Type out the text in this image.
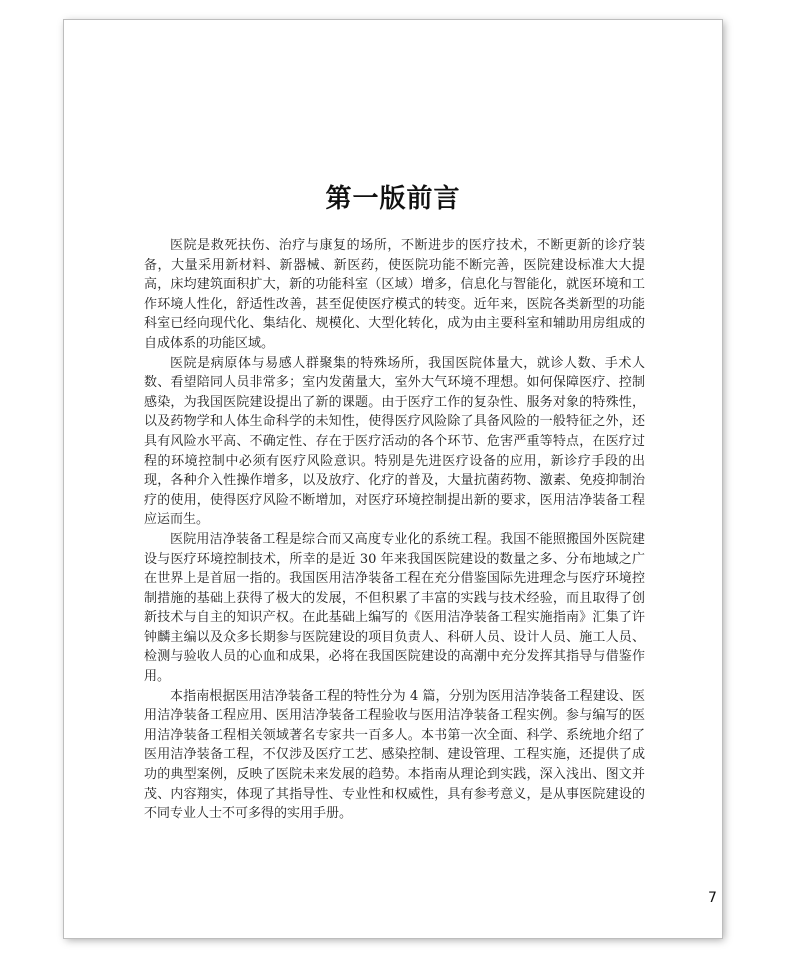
第一版前言

医院是救死扶伤、治疗与康复的场所，不断进步的医疗技术，不断更新的诊疗装备，大量采用新材料、新器械、新医药，使医院功能不断完善，医院建设标准大大提高，床均建筑面积扩大，新的功能科室（区域）增多，信息化与智能化，就医环境和工作环境人性化，舒适性改善，甚至促使医疗模式的转变。近年来，医院各类新型的功能科室已经向现代化、集结化、规模化、大型化转化，成为由主要科室和辅助用房组成的自成体系的功能区域。

医院是病原体与易感人群聚集的特殊场所，我国医院体量大，就诊人数、手术人数、看望陪同人员非常多；室内发菌量大，室外大气环境不理想。如何保障医疗、控制感染，为我国医院建设提出了新的课题。由于医疗工作的复杂性、服务对象的特殊性，以及药物学和人体生命科学的未知性，使得医疗风险除了具备风险的一般特征之外，还具有风险水平高、不确定性、存在于医疗活动的各个环节、危害严重等特点，在医疗过程的环境控制中必须有医疗风险意识。特别是先进医疗设备的应用，新诊疗手段的出现，各种介入性操作增多，以及放疗、化疗的普及，大量抗菌药物、激素、免疫抑制治疗的使用，使得医疗风险不断增加，对医疗环境控制提出新的要求，医用洁净装备工程应运而生。

医院用洁净装备工程是综合而又高度专业化的系统工程。我国不能照搬国外医院建设与医疗环境控制技术，所幸的是近 30 年来我国医院建设的数量之多、分布地域之广在世界上是首屈一指的。我国医用洁净装备工程在充分借鉴国际先进理念与医疗环境控制措施的基础上获得了极大的发展，不但积累了丰富的实践与技术经验，而且取得了创新技术与自主的知识产权。在此基础上编写的《医用洁净装备工程实施指南》汇集了许钟麟主编以及众多长期参与医院建设的项目负责人、科研人员、设计人员、施工人员、检测与验收人员的心血和成果，必将在我国医院建设的高潮中充分发挥其指导与借鉴作用。

本指南根据医用洁净装备工程的特性分为 4 篇，分别为医用洁净装备工程建设、医用洁净装备工程应用、医用洁净装备工程验收与医用洁净装备工程实例。参与编写的医用洁净装备工程相关领域著名专家共一百多人。本书第一次全面、科学、系统地介绍了医用洁净装备工程，不仅涉及医疗工艺、感染控制、建设管理、工程实施，还提供了成功的典型案例，反映了医院未来发展的趋势。本指南从理论到实践，深入浅出、图文并茂、内容翔实，体现了其指导性、专业性和权威性，具有参考意义，是从事医院建设的不同专业人士不可多得的实用手册。

7
